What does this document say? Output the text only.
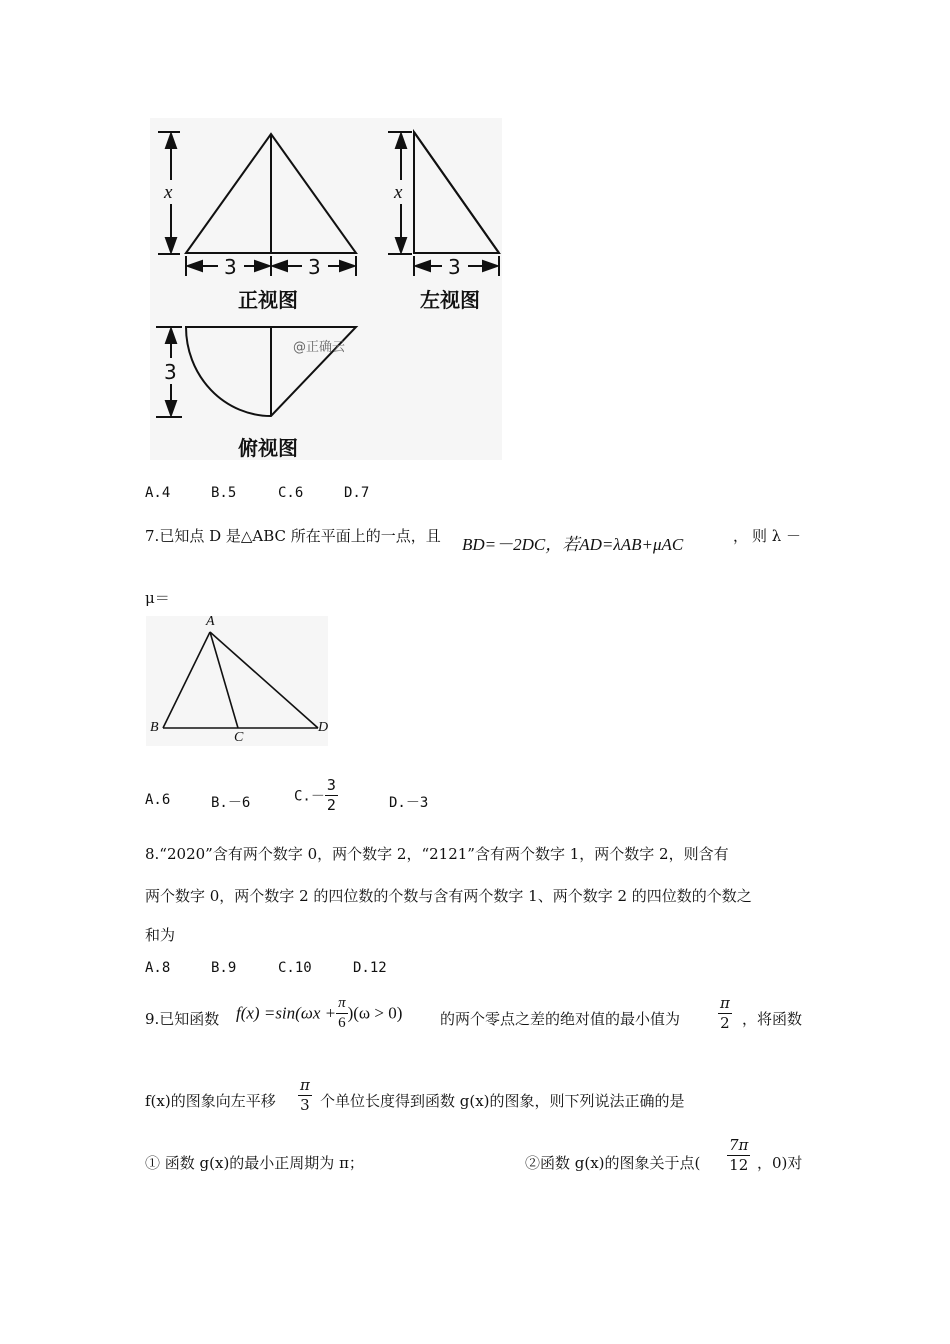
x
3	3
正视图
x
3
左视图
3
@正确云
俯视图
A.4	B.5	C.6	D.7
7.已知点 D 是△ABC 所在平面上的一点，且 BD=－2DC，若AD=λAB+μAC	， 则 λ －
μ＝
A
B
C
D
A.6	B.－6	$C.- \frac{3}{2}$	D.－3
8.“2020”含有两个数字 0，两个数字 2，“2121”含有两个数字 1，两个数字 2，则含有
两个数字 0，两个数字 2 的四位数的个数与含有两个数字 1、两个数字 2 的四位数的个数之
和为
A.8	B.9	C.10	D.12
9.已知函数 $f(x) =\sin(\omega x + \frac{\pi}{6} )(\omega > 0)$	的两个零点之差的绝对值的最小值为	$\frac{\pi}{2}$ ，将函数
f(x)的图象向左平移 $\frac{\pi}{3}$ 个单位长度得到函数 g(x)的图象，则下列说法正确的是
① 函数 g(x)的最小正周期为 π；	②函数 g(x)的图象关于点( $\frac{7\pi}{12}$ ，0)对
